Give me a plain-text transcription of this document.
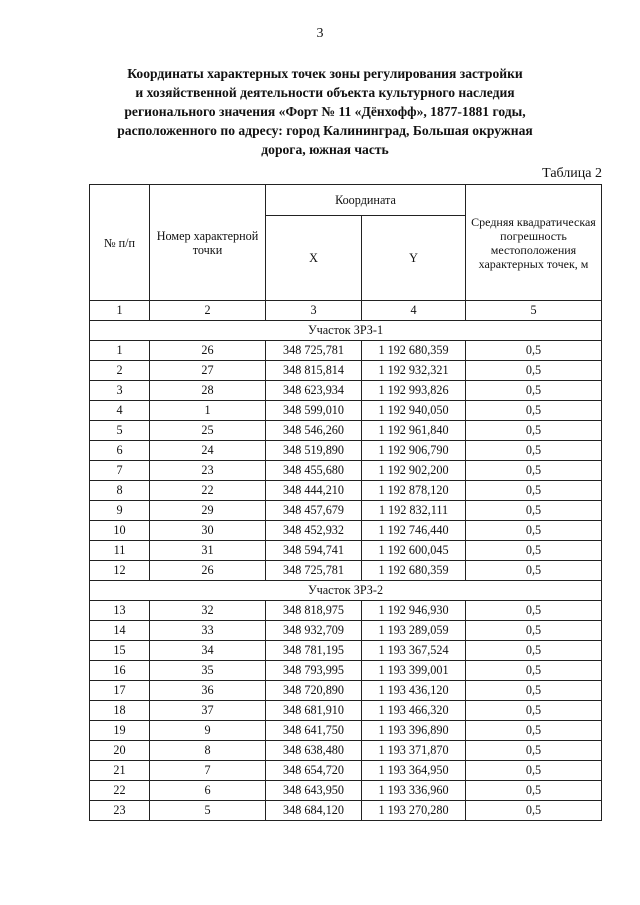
3
Координаты характерных точек зоны регулирования застройки
и хозяйственной деятельности объекта культурного наследия
регионального значения «Форт № 11 «Дёнхофф», 1877-1881 годы,
расположенного по адресу: город Калининград, Большая окружная
дорога, южная часть
Таблица 2
№ п/п	Номер характерной точки	Координата		Средняя квадратическая погрешность местоположения характерных точек, м
		X	Y	
1	2	3	4	5
Участок ЗРЗ-1				
1	26	348 725,781	1 192 680,359	0,5
2	27	348 815,814	1 192 932,321	0,5
3	28	348 623,934	1 192 993,826	0,5
4	1	348 599,010	1 192 940,050	0,5
5	25	348 546,260	1 192 961,840	0,5
6	24	348 519,890	1 192 906,790	0,5
7	23	348 455,680	1 192 902,200	0,5
8	22	348 444,210	1 192 878,120	0,5
9	29	348 457,679	1 192 832,111	0,5
10	30	348 452,932	1 192 746,440	0,5
11	31	348 594,741	1 192 600,045	0,5
12	26	348 725,781	1 192 680,359	0,5
Участок ЗРЗ-2				
13	32	348 818,975	1 192 946,930	0,5
14	33	348 932,709	1 193 289,059	0,5
15	34	348 781,195	1 193 367,524	0,5
16	35	348 793,995	1 193 399,001	0,5
17	36	348 720,890	1 193 436,120	0,5
18	37	348 681,910	1 193 466,320	0,5
19	9	348 641,750	1 193 396,890	0,5
20	8	348 638,480	1 193 371,870	0,5
21	7	348 654,720	1 193 364,950	0,5
22	6	348 643,950	1 193 336,960	0,5
23	5	348 684,120	1 193 270,280	0,5
